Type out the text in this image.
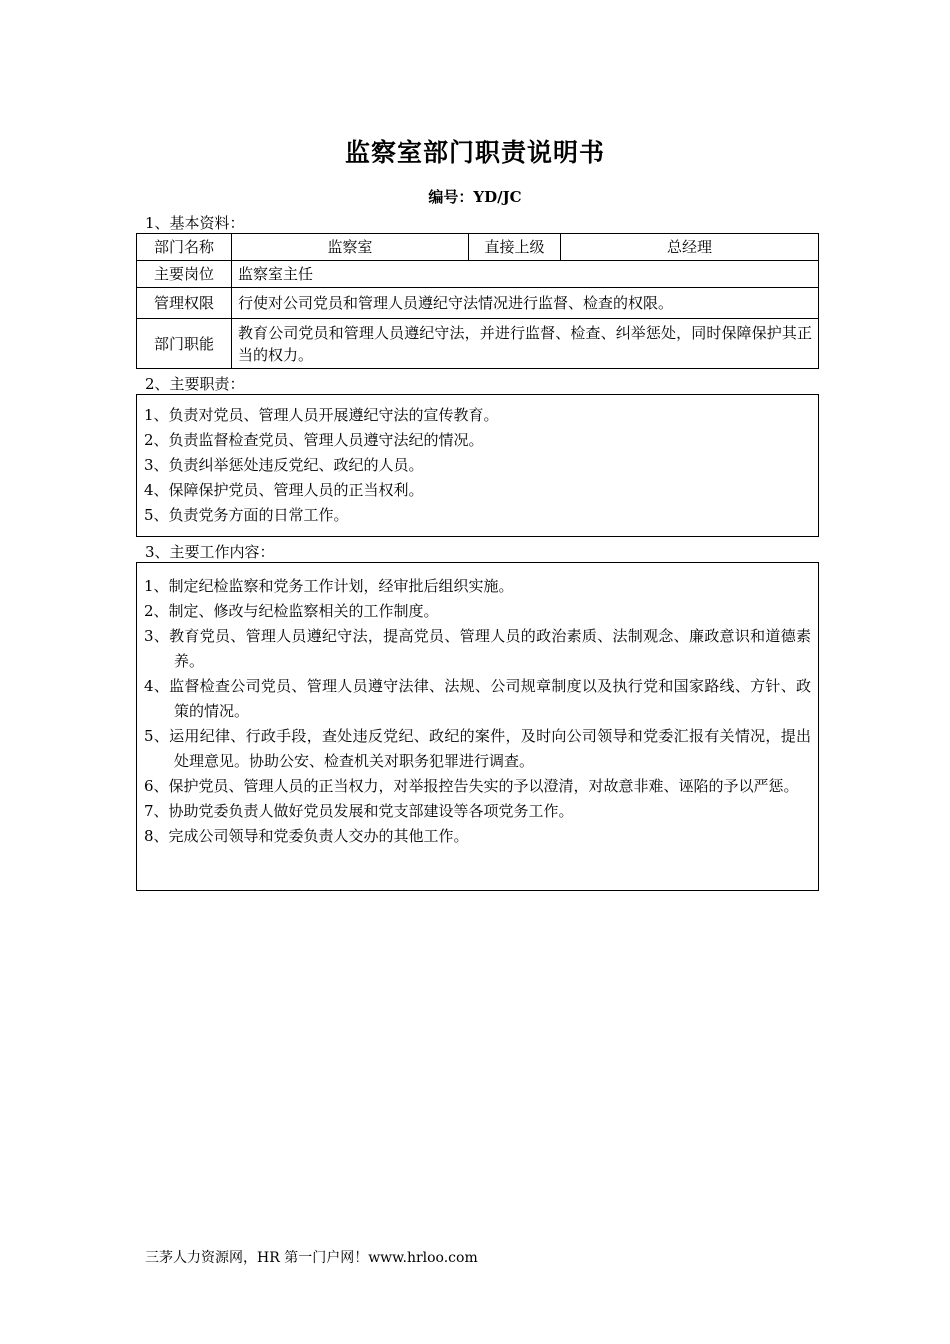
监察室部门职责说明书
编号：YD/JC
1、基本资料：
部门名称	监察室	直接上级	总经理
主要岗位	监察室主任		
管理权限	行使对公司党员和管理人员遵纪守法情况进行监督、检查的权限。		
部门职能	教育公司党员和管理人员遵纪守法，并进行监督、检查、纠举惩处，同时保障保护其正当的权力。		
2、主要职责：
1、负责对党员、管理人员开展遵纪守法的宣传教育。
2、负责监督检查党员、管理人员遵守法纪的情况。
3、负责纠举惩处违反党纪、政纪的人员。
4、保障保护党员、管理人员的正当权利。
5、负责党务方面的日常工作。
3、主要工作内容：
1、制定纪检监察和党务工作计划，经审批后组织实施。
2、制定、修改与纪检监察相关的工作制度。
3、教育党员、管理人员遵纪守法，提高党员、管理人员的政治素质、法制观念、廉政意识和道德素养。
4、监督检查公司党员、管理人员遵守法律、法规、公司规章制度以及执行党和国家路线、方针、政策的情况。
5、运用纪律、行政手段，查处违反党纪、政纪的案件，及时向公司领导和党委汇报有关情况，提出处理意见。协助公安、检查机关对职务犯罪进行调查。
6、保护党员、管理人员的正当权力，对举报控告失实的予以澄清，对故意非难、诬陷的予以严惩。
7、协助党委负责人做好党员发展和党支部建设等各项党务工作。
8、完成公司领导和党委负责人交办的其他工作。
三茅人力资源网，HR 第一门户网！www.hrloo.com
